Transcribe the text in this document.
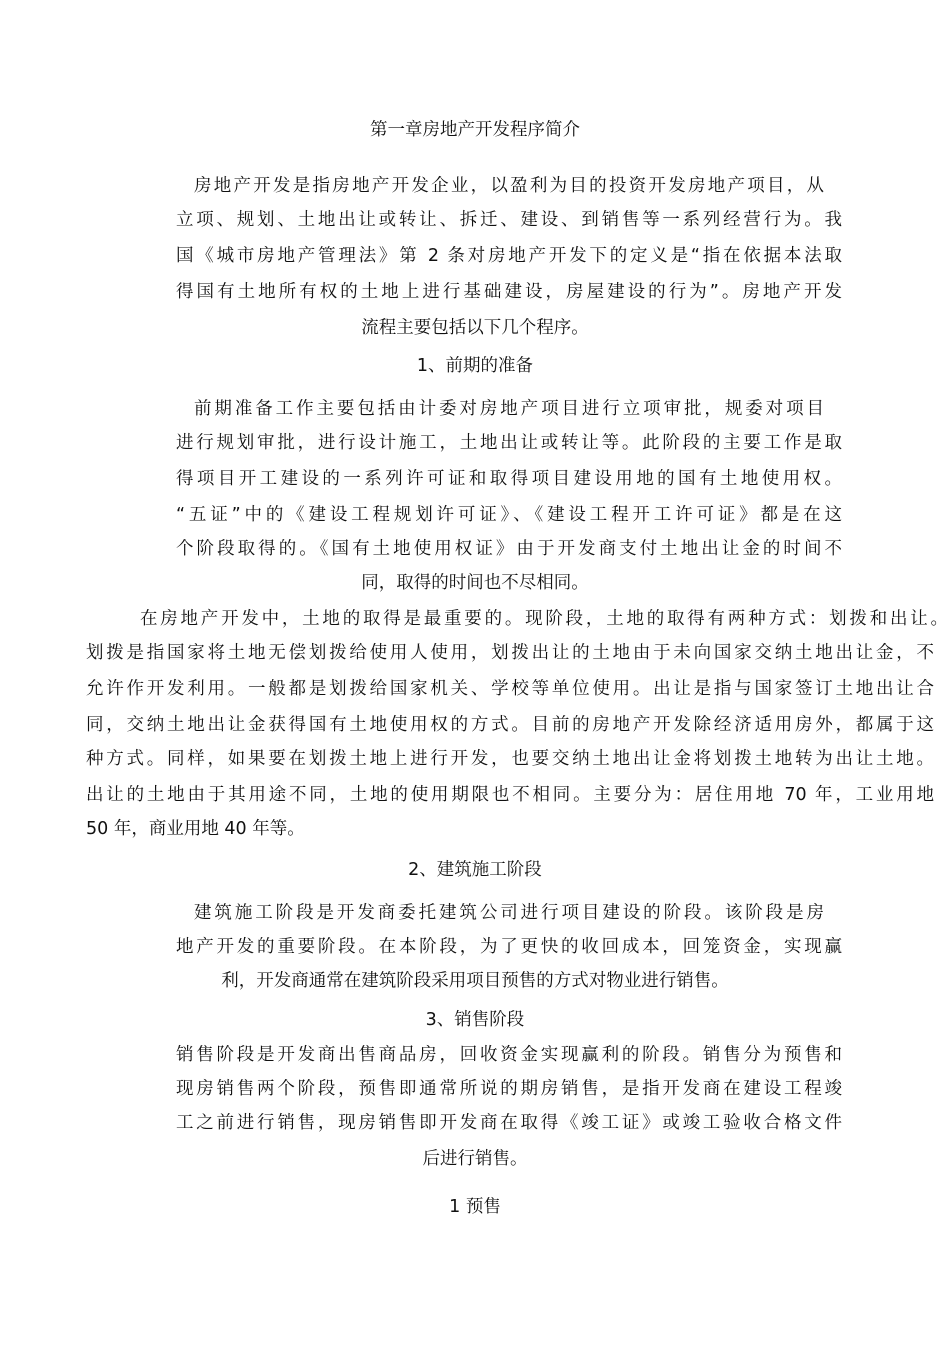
第一章房地产开发程序简介

房地产开发是指房地产开发企业，以盈利为目的投资开发房地产项目，从

立项、规划、土地出让或转让、拆迁、建设、到销售等一系列经营行为。我

国《城市房地产管理法》第 2 条对房地产开发下的定义是“指在依据本法取

得国有土地所有权的土地上进行基础建设，房屋建设的行为”。房地产开发

流程主要包括以下几个程序。

1、前期的准备

前期准备工作主要包括由计委对房地产项目进行立项审批，规委对项目

进行规划审批，进行设计施工，土地出让或转让等。此阶段的主要工作是取

得项目开工建设的一系列许可证和取得项目建设用地的国有土地使用权。

“五证”中的《建设工程规划许可证》、《建设工程开工许可证》都是在这

个阶段取得的。《国有土地使用权证》由于开发商支付土地出让金的时间不

同，取得的时间也不尽相同。

在房地产开发中，土地的取得是最重要的。现阶段，土地的取得有两种方式：划拨和出让。

划拨是指国家将土地无偿划拨给使用人使用，划拨出让的土地由于未向国家交纳土地出让金，不

允许作开发利用。一般都是划拨给国家机关、学校等单位使用。出让是指与国家签订土地出让合

同，交纳土地出让金获得国有土地使用权的方式。目前的房地产开发除经济适用房外，都属于这

种方式。同样，如果要在划拨土地上进行开发，也要交纳土地出让金将划拨土地转为出让土地。

出让的土地由于其用途不同，土地的使用期限也不相同。主要分为：居住用地 70 年，工业用地

50 年，商业用地 40 年等。

2、建筑施工阶段

建筑施工阶段是开发商委托建筑公司进行项目建设的阶段。该阶段是房

地产开发的重要阶段。在本阶段，为了更快的收回成本，回笼资金，实现赢

利，开发商通常在建筑阶段采用项目预售的方式对物业进行销售。

3、销售阶段

销售阶段是开发商出售商品房，回收资金实现赢利的阶段。销售分为预售和

现房销售两个阶段，预售即通常所说的期房销售，是指开发商在建设工程竣

工之前进行销售，现房销售即开发商在取得《竣工证》或竣工验收合格文件

后进行销售。

1 预售
